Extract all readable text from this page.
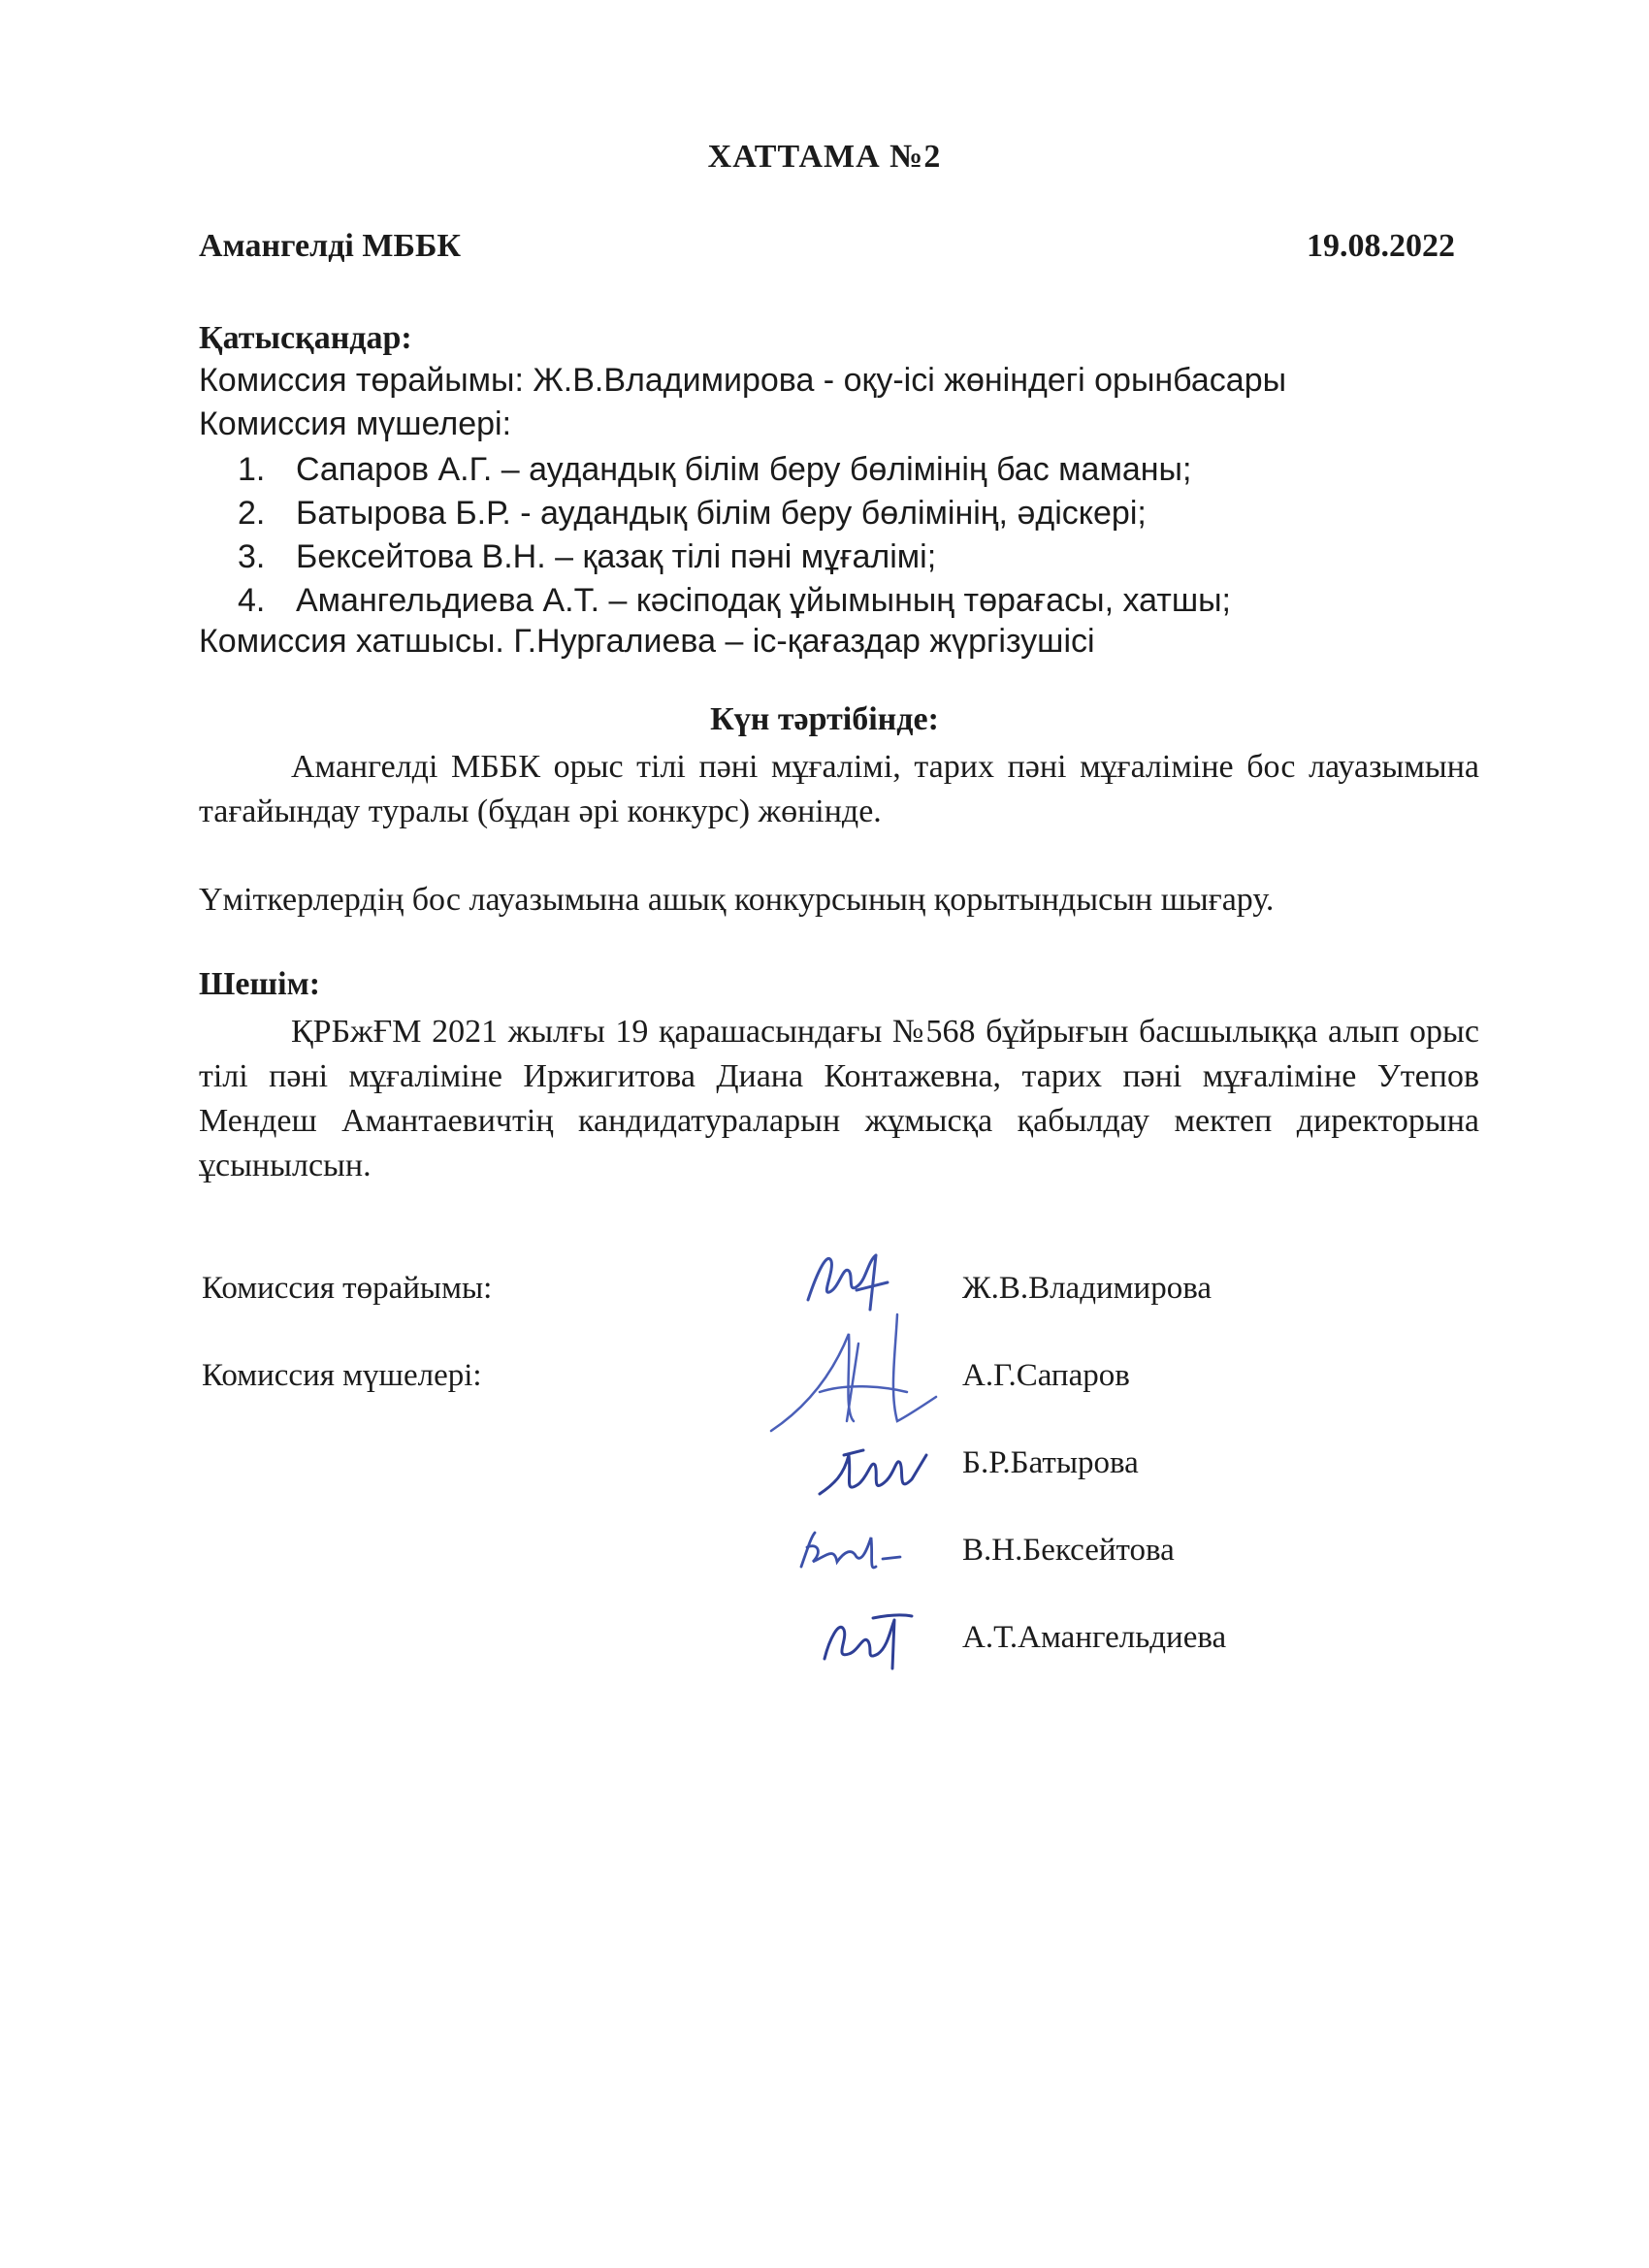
ХАТТАМА №2
Амангелді МББК	19.08.2022
Қатысқандар:
Комиссия төрайымы: Ж.В.Владимирова - оқу-ісі жөніндегі орынбасары
Комиссия мүшелері:
1. Сапаров А.Г. – аудандық білім беру бөлімінің бас маманы;
2. Батырова Б.Р. - аудандық білім беру бөлімінің, әдіскері;
3. Бексейтова В.Н. – қазақ тілі пәні мұғалімі;
4. Амангельдиева А.Т. – кәсіподақ ұйымының төрағасы, хатшы;
Комиссия хатшысы. Г.Нургалиева – іс-қағаздар жүргізушісі
Күн тәртібінде:
Амангелді МББК орыс тілі пәні мұғалімі, тарих пәні мұғаліміне бос лауазымына тағайындау туралы (бұдан әрі конкурс) жөнінде.
Үміткерлердің бос лауазымына ашық конкурсының қорытындысын шығару.
Шешім:
ҚРБжҒМ 2021 жылғы 19 қарашасындағы №568 бұйрығын басшылыққа алып орыс тілі пәні мұғаліміне Иржигитова Диана Контажевна, тарих пәні мұғаліміне Утепов Мендеш Амантаевичтің кандидатураларын жұмысқа қабылдау мектеп директорына ұсынылсын.
Комиссия төрайымы:
Комиссия мүшелері:
Ж.В.Владимирова
А.Г.Сапаров
Б.Р.Батырова
В.Н.Бексейтова
А.Т.Амангельдиева
